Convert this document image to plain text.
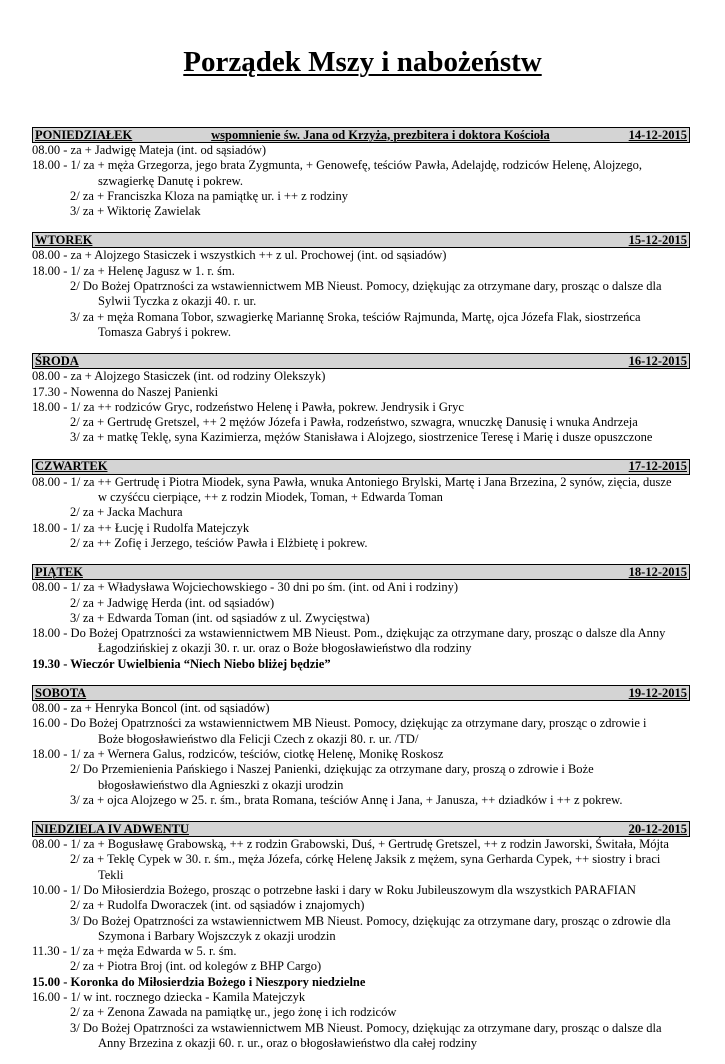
Porządek Mszy i nabożeństw
PONIEDZIAŁEK	wspomnienie św. Jana od Krzyża, prezbitera i doktora Kościoła	14-12-2015
08.00 - za + Jadwigę Mateja (int. od sąsiadów)
18.00 - 1/ za + męża Grzegorza, jego brata Zygmunta, + Genowefę, teściów Pawła, Adelajdę, rodziców Helenę, Alojzego,
szwagierkę Danutę i pokrew.
2/ za + Franciszka Kloza na pamiątkę ur. i ++ z rodziny
3/ za + Wiktorię Zawielak
WTOREK	15-12-2015
08.00 - za + Alojzego Stasiczek i wszystkich ++ z ul. Prochowej (int. od sąsiadów)
18.00 - 1/ za + Helenę Jagusz w 1. r. śm.
2/ Do Bożej Opatrzności za wstawiennictwem MB Nieust. Pomocy, dziękując za otrzymane dary, prosząc o dalsze dla
Sylwii Tyczka z okazji 40. r. ur.
3/ za + męża Romana Tobor, szwagierkę Mariannę Sroka, teściów Rajmunda, Martę, ojca Józefa Flak, siostrzeńca
Tomasza Gabryś i pokrew.
ŚRODA	16-12-2015
08.00 - za + Alojzego Stasiczek (int. od rodziny Olekszyk)
17.30 - Nowenna do Naszej Panienki
18.00 - 1/ za ++ rodziców Gryc, rodzeństwo Helenę i Pawła, pokrew. Jendrysik i Gryc
2/ za + Gertrudę Gretszel, ++ 2 mężów Józefa i Pawła, rodzeństwo, szwagra, wnuczkę Danusię i wnuka Andrzeja
3/ za + matkę Teklę, syna Kazimierza, mężów Stanisława i Alojzego, siostrzenice Teresę i Marię i dusze opuszczone
CZWARTEK	17-12-2015
08.00 - 1/ za ++ Gertrudę i Piotra Miodek, syna Pawła, wnuka Antoniego Brylski, Martę i Jana Brzezina, 2 synów, zięcia, dusze
w czyśćcu cierpiące, ++ z rodzin Miodek, Toman, + Edwarda Toman
2/ za + Jacka Machura
18.00 - 1/ za ++ Łucję i Rudolfa Matejczyk
2/ za ++ Zofię i Jerzego, teściów Pawła i Elżbietę i pokrew.
PIĄTEK	18-12-2015
08.00 - 1/ za + Władysława Wojciechowskiego - 30 dni po śm. (int. od Ani i rodziny)
2/ za + Jadwigę Herda (int. od sąsiadów)
3/ za + Edwarda Toman (int. od sąsiadów z ul. Zwycięstwa)
18.00 - Do Bożej Opatrzności za wstawiennictwem MB Nieust. Pom., dziękując za otrzymane dary, prosząc o dalsze dla Anny
Łagodzińskiej z okazji 30. r. ur. oraz o Boże błogosławieństwo dla rodziny
19.30 - Wieczór Uwielbienia “Niech Niebo bliżej będzie”
SOBOTA	19-12-2015
08.00 - za + Henryka Boncol (int. od sąsiadów)
16.00 - Do Bożej Opatrzności za wstawiennictwem MB Nieust. Pomocy, dziękując za otrzymane dary, prosząc o zdrowie i
Boże błogosławieństwo dla Felicji Czech z okazji 80. r. ur. /TD/
18.00 - 1/ za + Wernera Galus, rodziców, teściów, ciotkę Helenę, Monikę Roskosz
2/ Do Przemienienia Pańskiego i Naszej Panienki, dziękując za otrzymane dary, proszą o zdrowie i Boże
błogosławieństwo dla Agnieszki z okazji urodzin
3/ za + ojca Alojzego w 25. r. śm., brata Romana, teściów Annę i Jana, + Janusza, ++ dziadków i ++ z pokrew.
NIEDZIELA IV ADWENTU	20-12-2015
08.00 - 1/ za + Bogusławę Grabowską, ++ z rodzin Grabowski, Duś, + Gertrudę Gretszel, ++ z rodzin Jaworski, Świtała, Mójta
2/ za + Teklę Cypek w 30. r. śm., męża Józefa, córkę Helenę Jaksik z mężem, syna Gerharda Cypek, ++ siostry i braci
Tekli
10.00 - 1/ Do Miłosierdzia Bożego, prosząc o potrzebne łaski i dary w Roku Jubileuszowym dla wszystkich PARAFIAN
2/ za + Rudolfa Dworaczek (int. od sąsiadów i znajomych)
3/ Do Bożej Opatrzności za wstawiennictwem MB Nieust. Pomocy, dziękując za otrzymane dary, prosząc o zdrowie dla
Szymona i Barbary Wojszczyk z okazji urodzin
11.30 - 1/ za + męża Edwarda w 5. r. śm.
2/ za + Piotra Broj (int. od kolegów z BHP Cargo)
15.00 - Koronka do Miłosierdzia Bożego i Nieszpory niedzielne
16.00 - 1/ w int. rocznego dziecka - Kamila Matejczyk
2/ za + Zenona Zawada na pamiątkę ur., jego żonę i ich rodziców
3/ Do Bożej Opatrzności za wstawiennictwem MB Nieust. Pomocy, dziękując za otrzymane dary, prosząc o dalsze dla
Anny Brzezina z okazji 60. r. ur., oraz o błogosławieństwo dla całej rodziny
